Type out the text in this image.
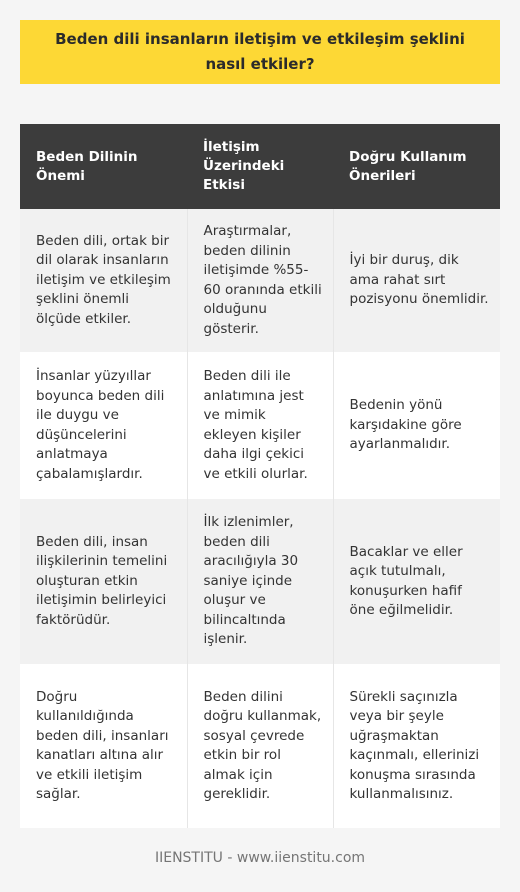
Beden dili insanların iletişim ve etkileşim şeklini nasıl etkiler?
Beden Dilinin Önemi	İletişim Üzerindeki Etkisi	Doğru Kullanım Önerileri
Beden dili, ortak bir dil olarak insanların iletişim ve etkileşim şeklini önemli ölçüde etkiler.	Araştırmalar, beden dilinin iletişimde %55-60 oranında etkili olduğunu gösterir.	İyi bir duruş, dik ama rahat sırt pozisyonu önemlidir.
İnsanlar yüzyıllar boyunca beden dili ile duygu ve düşüncelerini anlatmaya çabalamışlardır.	Beden dili ile anlatımına jest ve mimik ekleyen kişiler daha ilgi çekici ve etkili olurlar.	Bedenin yönü karşıdakine göre ayarlanmalıdır.
Beden dili, insan ilişkilerinin temelini oluşturan etkin iletişimin belirleyici faktörüdür.	İlk izlenimler, beden dili aracılığıyla 30 saniye içinde oluşur ve bilincaltında işlenir.	Bacaklar ve eller açık tutulmalı, konuşurken hafif öne eğilmelidir.
Doğru kullanıldığında beden dili, insanları kanatları altına alır ve etkili iletişim sağlar.	Beden dilini doğru kullanmak, sosyal çevrede etkin bir rol almak için gereklidir.	Sürekli saçınızla veya bir şeyle uğraşmaktan kaçınmalı, ellerinizi konuşma sırasında kullanmalısınız.
IIENSTITU - www.iienstitu.com
